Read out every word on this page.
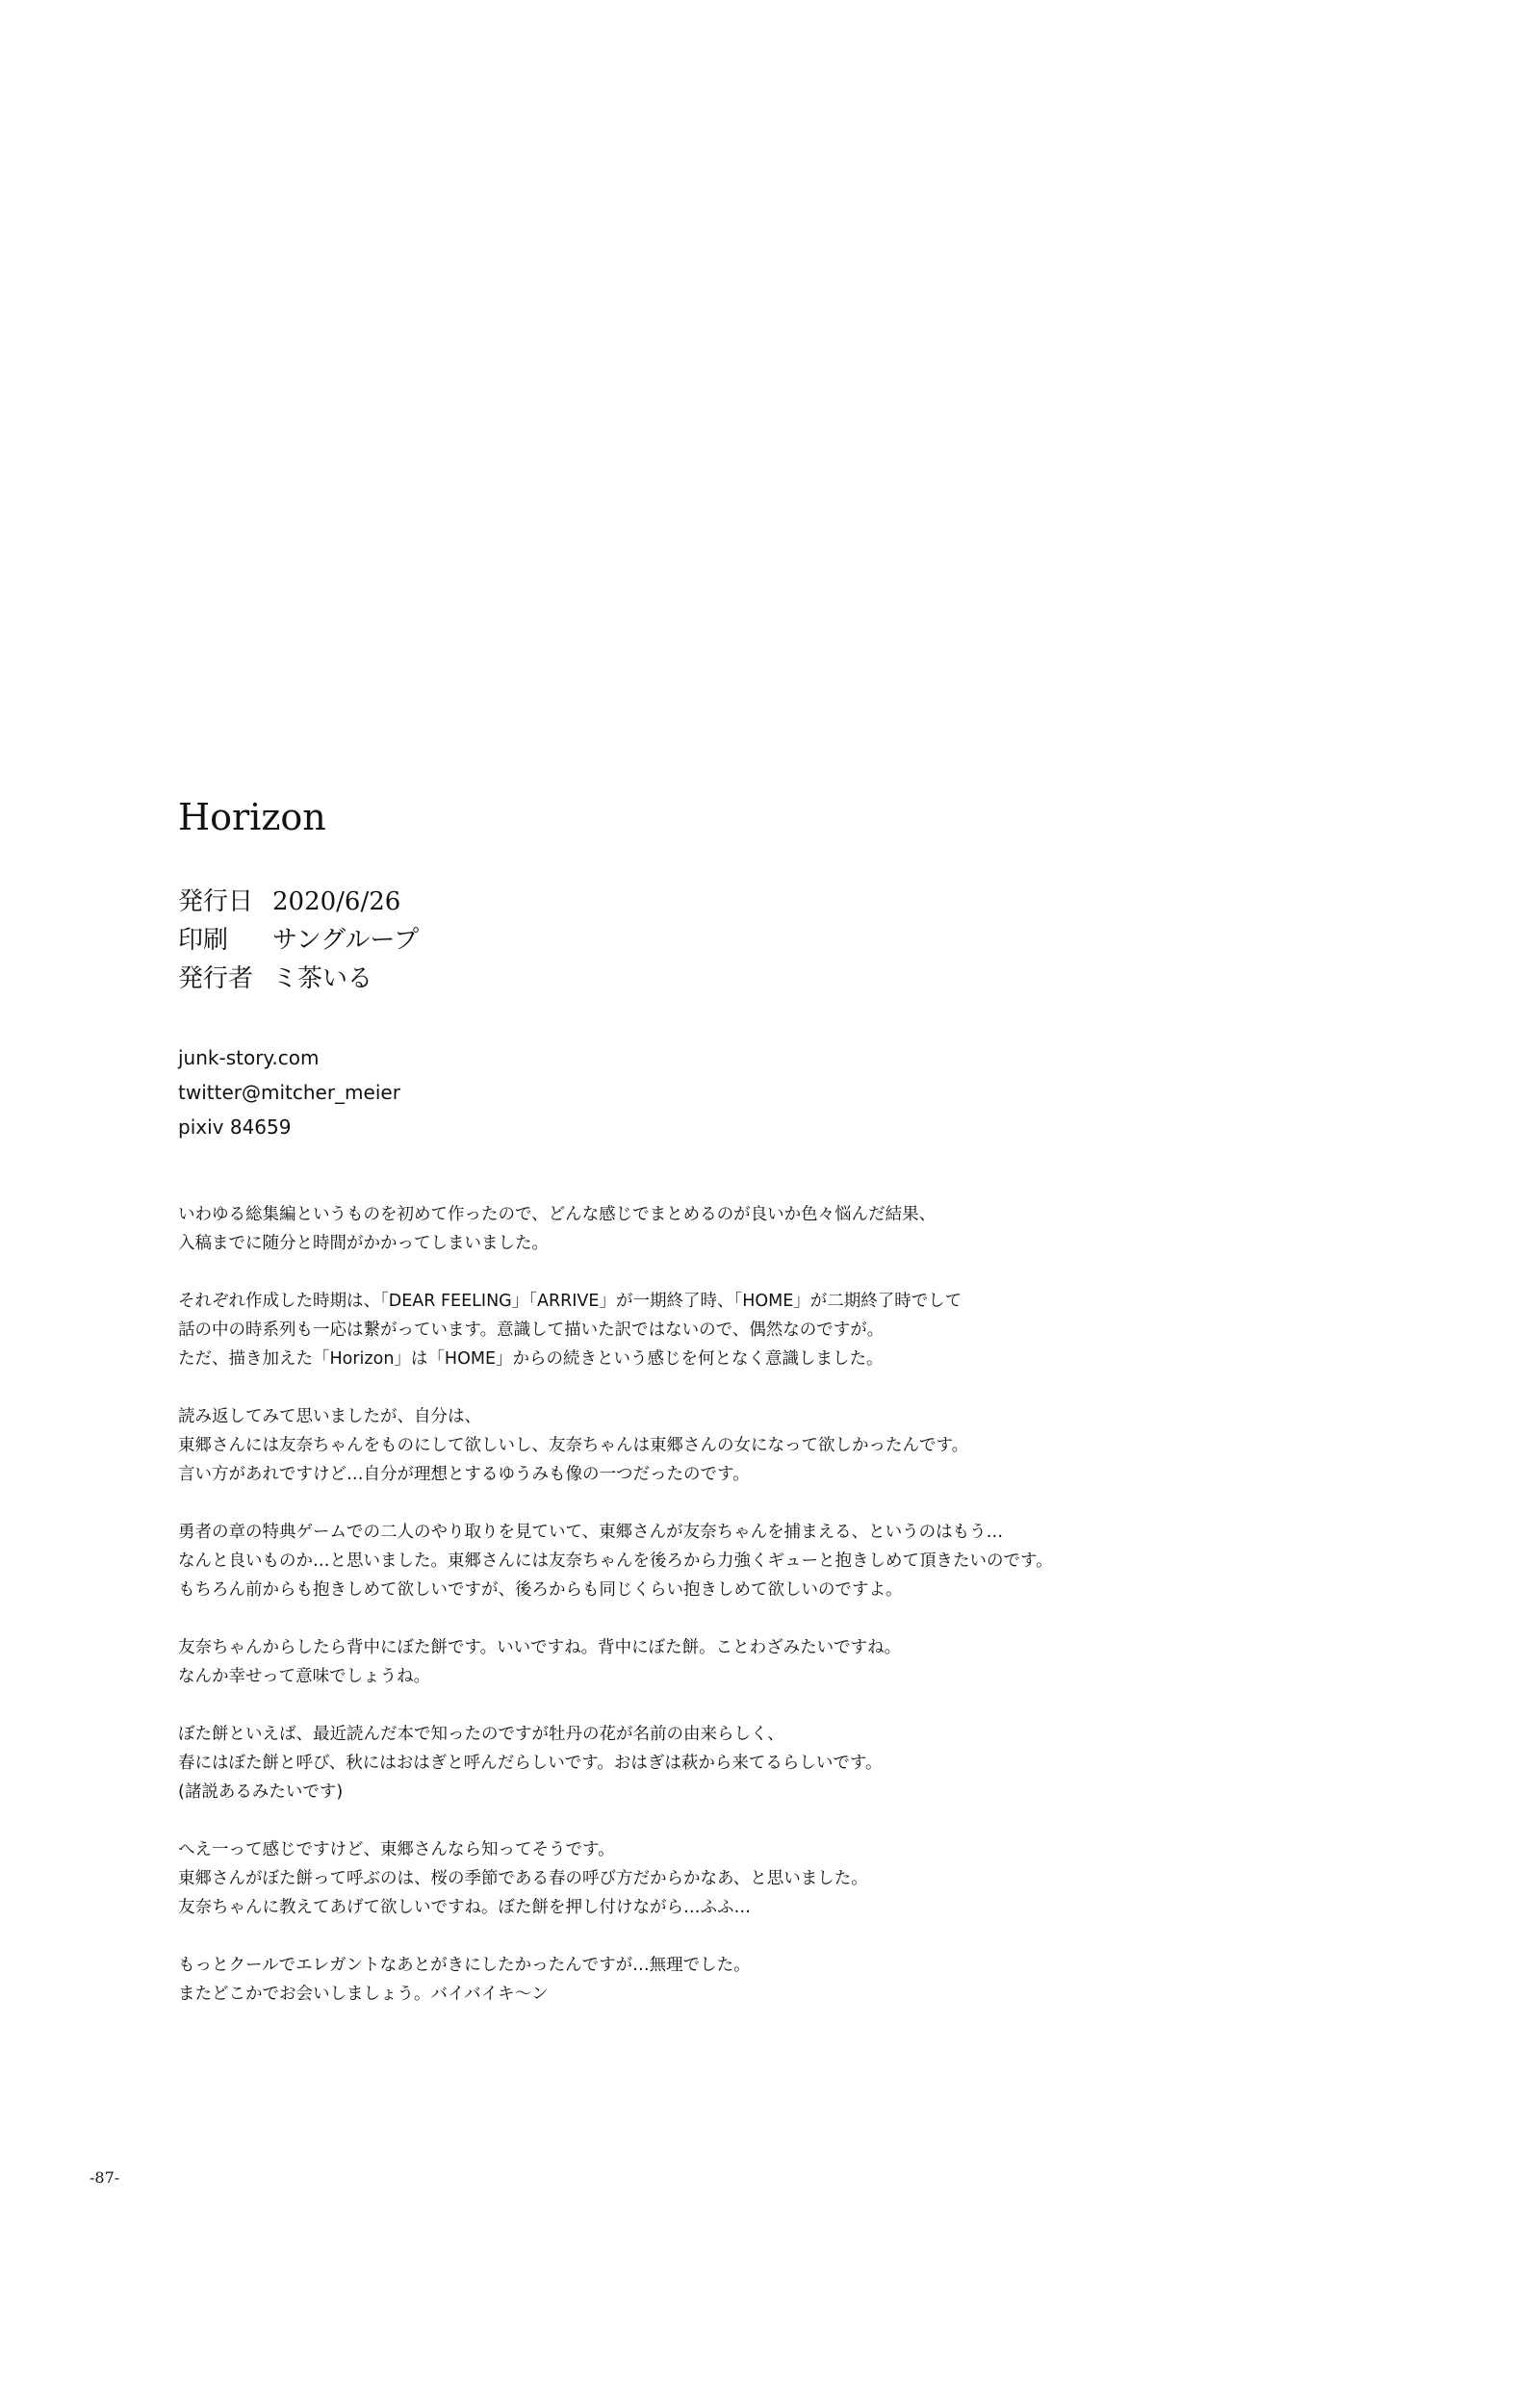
Horizon
発行日 2020/6/26
印刷	サングループ
発行者 ミ茶いる
junk-story.com
twitter@mitcher_meier
pixiv 84659
いわゆる総集編というものを初めて作ったので、どんな感じでまとめるのが良いか色々悩んだ結果、
入稿までに随分と時間がかかってしまいました。
それぞれ作成した時期は、「DEAR FEELING」「ARRIVE」が一期終了時、「HOME」が二期終了時でして
話の中の時系列も一応は繋がっています。意識して描いた訳ではないので、偶然なのですが。
ただ、描き加えた「Horizon」は「HOME」からの続きという感じを何となく意識しました。
読み返してみて思いましたが、自分は、
東郷さんには友奈ちゃんをものにして欲しいし、友奈ちゃんは東郷さんの女になって欲しかったんです。
言い方があれですけど…自分が理想とするゆうみも像の一つだったのです。
勇者の章の特典ゲームでの二人のやり取りを見ていて、東郷さんが友奈ちゃんを捕まえる、というのはもう…
なんと良いものか…と思いました。東郷さんには友奈ちゃんを後ろから力強くギューと抱きしめて頂きたいのです。
もちろん前からも抱きしめて欲しいですが、後ろからも同じくらい抱きしめて欲しいのですよ。
友奈ちゃんからしたら背中にぼた餅です。いいですね。背中にぼた餅。ことわざみたいですね。
なんか幸せって意味でしょうね。
ぼた餅といえば、最近読んだ本で知ったのですが牡丹の花が名前の由来らしく、
春にはぼた餅と呼び、秋にはおはぎと呼んだらしいです。おはぎは萩から来てるらしいです。
(諸説あるみたいです)
へえ一って感じですけど、東郷さんなら知ってそうです。
東郷さんがぼた餅って呼ぶのは、桜の季節である春の呼び方だからかなあ、と思いました。
友奈ちゃんに教えてあげて欲しいですね。ぼた餅を押し付けながら…ふふ…
もっとクールでエレガントなあとがきにしたかったんですが…無理でした。
またどこかでお会いしましょう。バイバイキ〜ン
-87-
